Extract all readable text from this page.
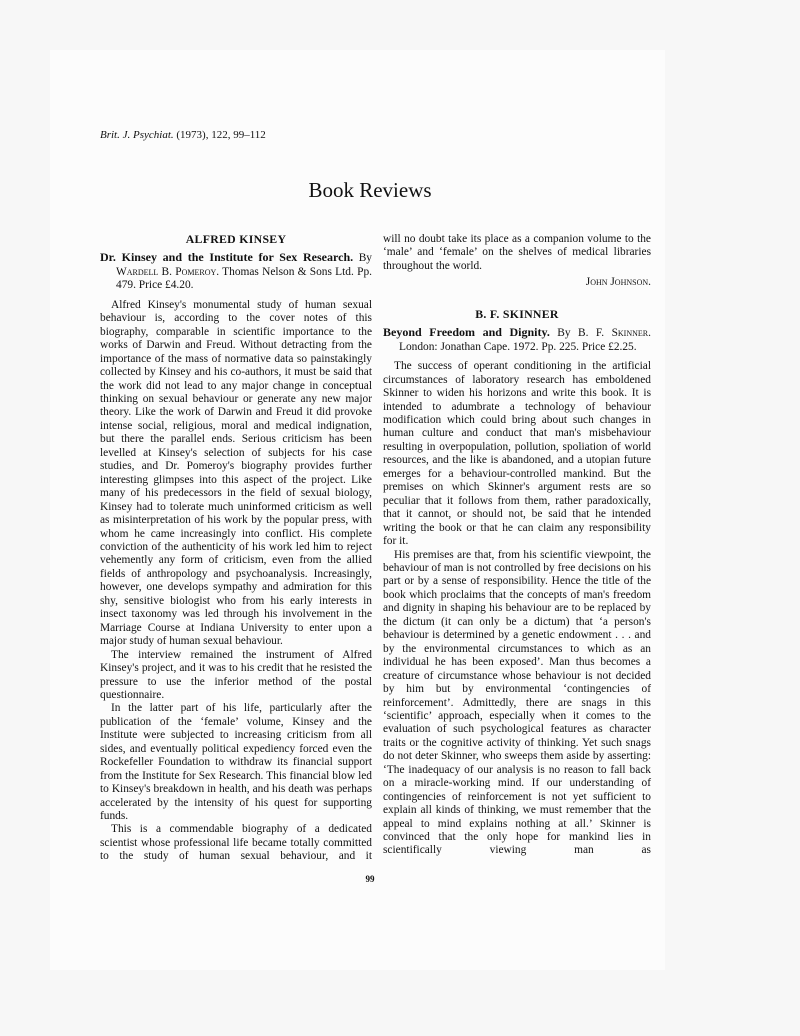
Brit. J. Psychiat. (1973), 122, 99–112
Book Reviews
ALFRED KINSEY
Dr. Kinsey and the Institute for Sex Research. By Wardell B. Pomeroy. Thomas Nelson & Sons Ltd. Pp. 479. Price £4.20.

Alfred Kinsey's monumental study of human sexual behaviour is, according to the cover notes of this biography, comparable in scientific importance to the works of Darwin and Freud. Without detracting from the importance of the mass of normative data so painstakingly collected by Kinsey and his co-authors, it must be said that the work did not lead to any major change in conceptual thinking on sexual behaviour or generate any new major theory. Like the work of Darwin and Freud it did provoke intense social, religious, moral and medical indignation, but there the parallel ends. Serious criticism has been levelled at Kinsey's selection of subjects for his case studies, and Dr. Pomeroy's biography provides further interesting glimpses into this aspect of the project. Like many of his predecessors in the field of sexual biology, Kinsey had to tolerate much uninformed criticism as well as misinterpretation of his work by the popular press, with whom he came increasingly into conflict. His complete conviction of the authenticity of his work led him to reject vehemently any form of criticism, even from the allied fields of anthropology and psychoanalysis. Increasingly, however, one develops sympathy and admiration for this shy, sensitive biologist who from his early interests in insect taxonomy was led through his involvement in the Marriage Course at Indiana University to enter upon a major study of human sexual behaviour.

The interview remained the instrument of Alfred Kinsey's project, and it was to his credit that he resisted the pressure to use the inferior method of the postal questionnaire.

In the latter part of his life, particularly after the publication of the ‘female’ volume, Kinsey and the Institute were subjected to increasing criticism from all sides, and eventually political expediency forced even the Rockefeller Foundation to withdraw its financial support from the Institute for Sex Research. This financial blow led to Kinsey's breakdown in health, and his death was perhaps accelerated by the intensity of his quest for supporting funds.

This is a commendable biography of a dedicated scientist whose professional life became totally committed to the study of human sexual behaviour, and it

will no doubt take its place as a companion volume to the ‘male’ and ‘female’ on the shelves of medical libraries throughout the world.

John Johnson.

B. F. SKINNER
Beyond Freedom and Dignity. By B. F. Skinner. London: Jonathan Cape. 1972. Pp. 225. Price £2.25.

The success of operant conditioning in the artificial circumstances of laboratory research has emboldened Skinner to widen his horizons and write this book. It is intended to adumbrate a technology of behaviour modification which could bring about such changes in human culture and conduct that man's misbehaviour resulting in overpopulation, pollution, spoliation of world resources, and the like is abandoned, and a utopian future emerges for a behaviour-controlled mankind. But the premises on which Skinner's argument rests are so peculiar that it follows from them, rather paradoxically, that it cannot, or should not, be said that he intended writing the book or that he can claim any responsibility for it.

His premises are that, from his scientific viewpoint, the behaviour of man is not controlled by free decisions on his part or by a sense of responsibility. Hence the title of the book which proclaims that the concepts of man's freedom and dignity in shaping his behaviour are to be replaced by the dictum (it can only be a dictum) that ‘a person's behaviour is determined by a genetic endowment . . . and by the environmental circumstances to which as an individual he has been exposed’. Man thus becomes a creature of circumstance whose behaviour is not decided by him but by environmental ‘contingencies of reinforcement’. Admittedly, there are snags in this ‘scientific’ approach, especially when it comes to the evaluation of such psychological features as character traits or the cognitive activity of thinking. Yet such snags do not deter Skinner, who sweeps them aside by asserting: ‘The inadequacy of our analysis is no reason to fall back on a miracle-working mind. If our understanding of contingencies of reinforcement is not yet sufficient to explain all kinds of thinking, we must remember that the appeal to mind explains nothing at all.’ Skinner is convinced that the only hope for mankind lies in scientifically viewing man as

99
